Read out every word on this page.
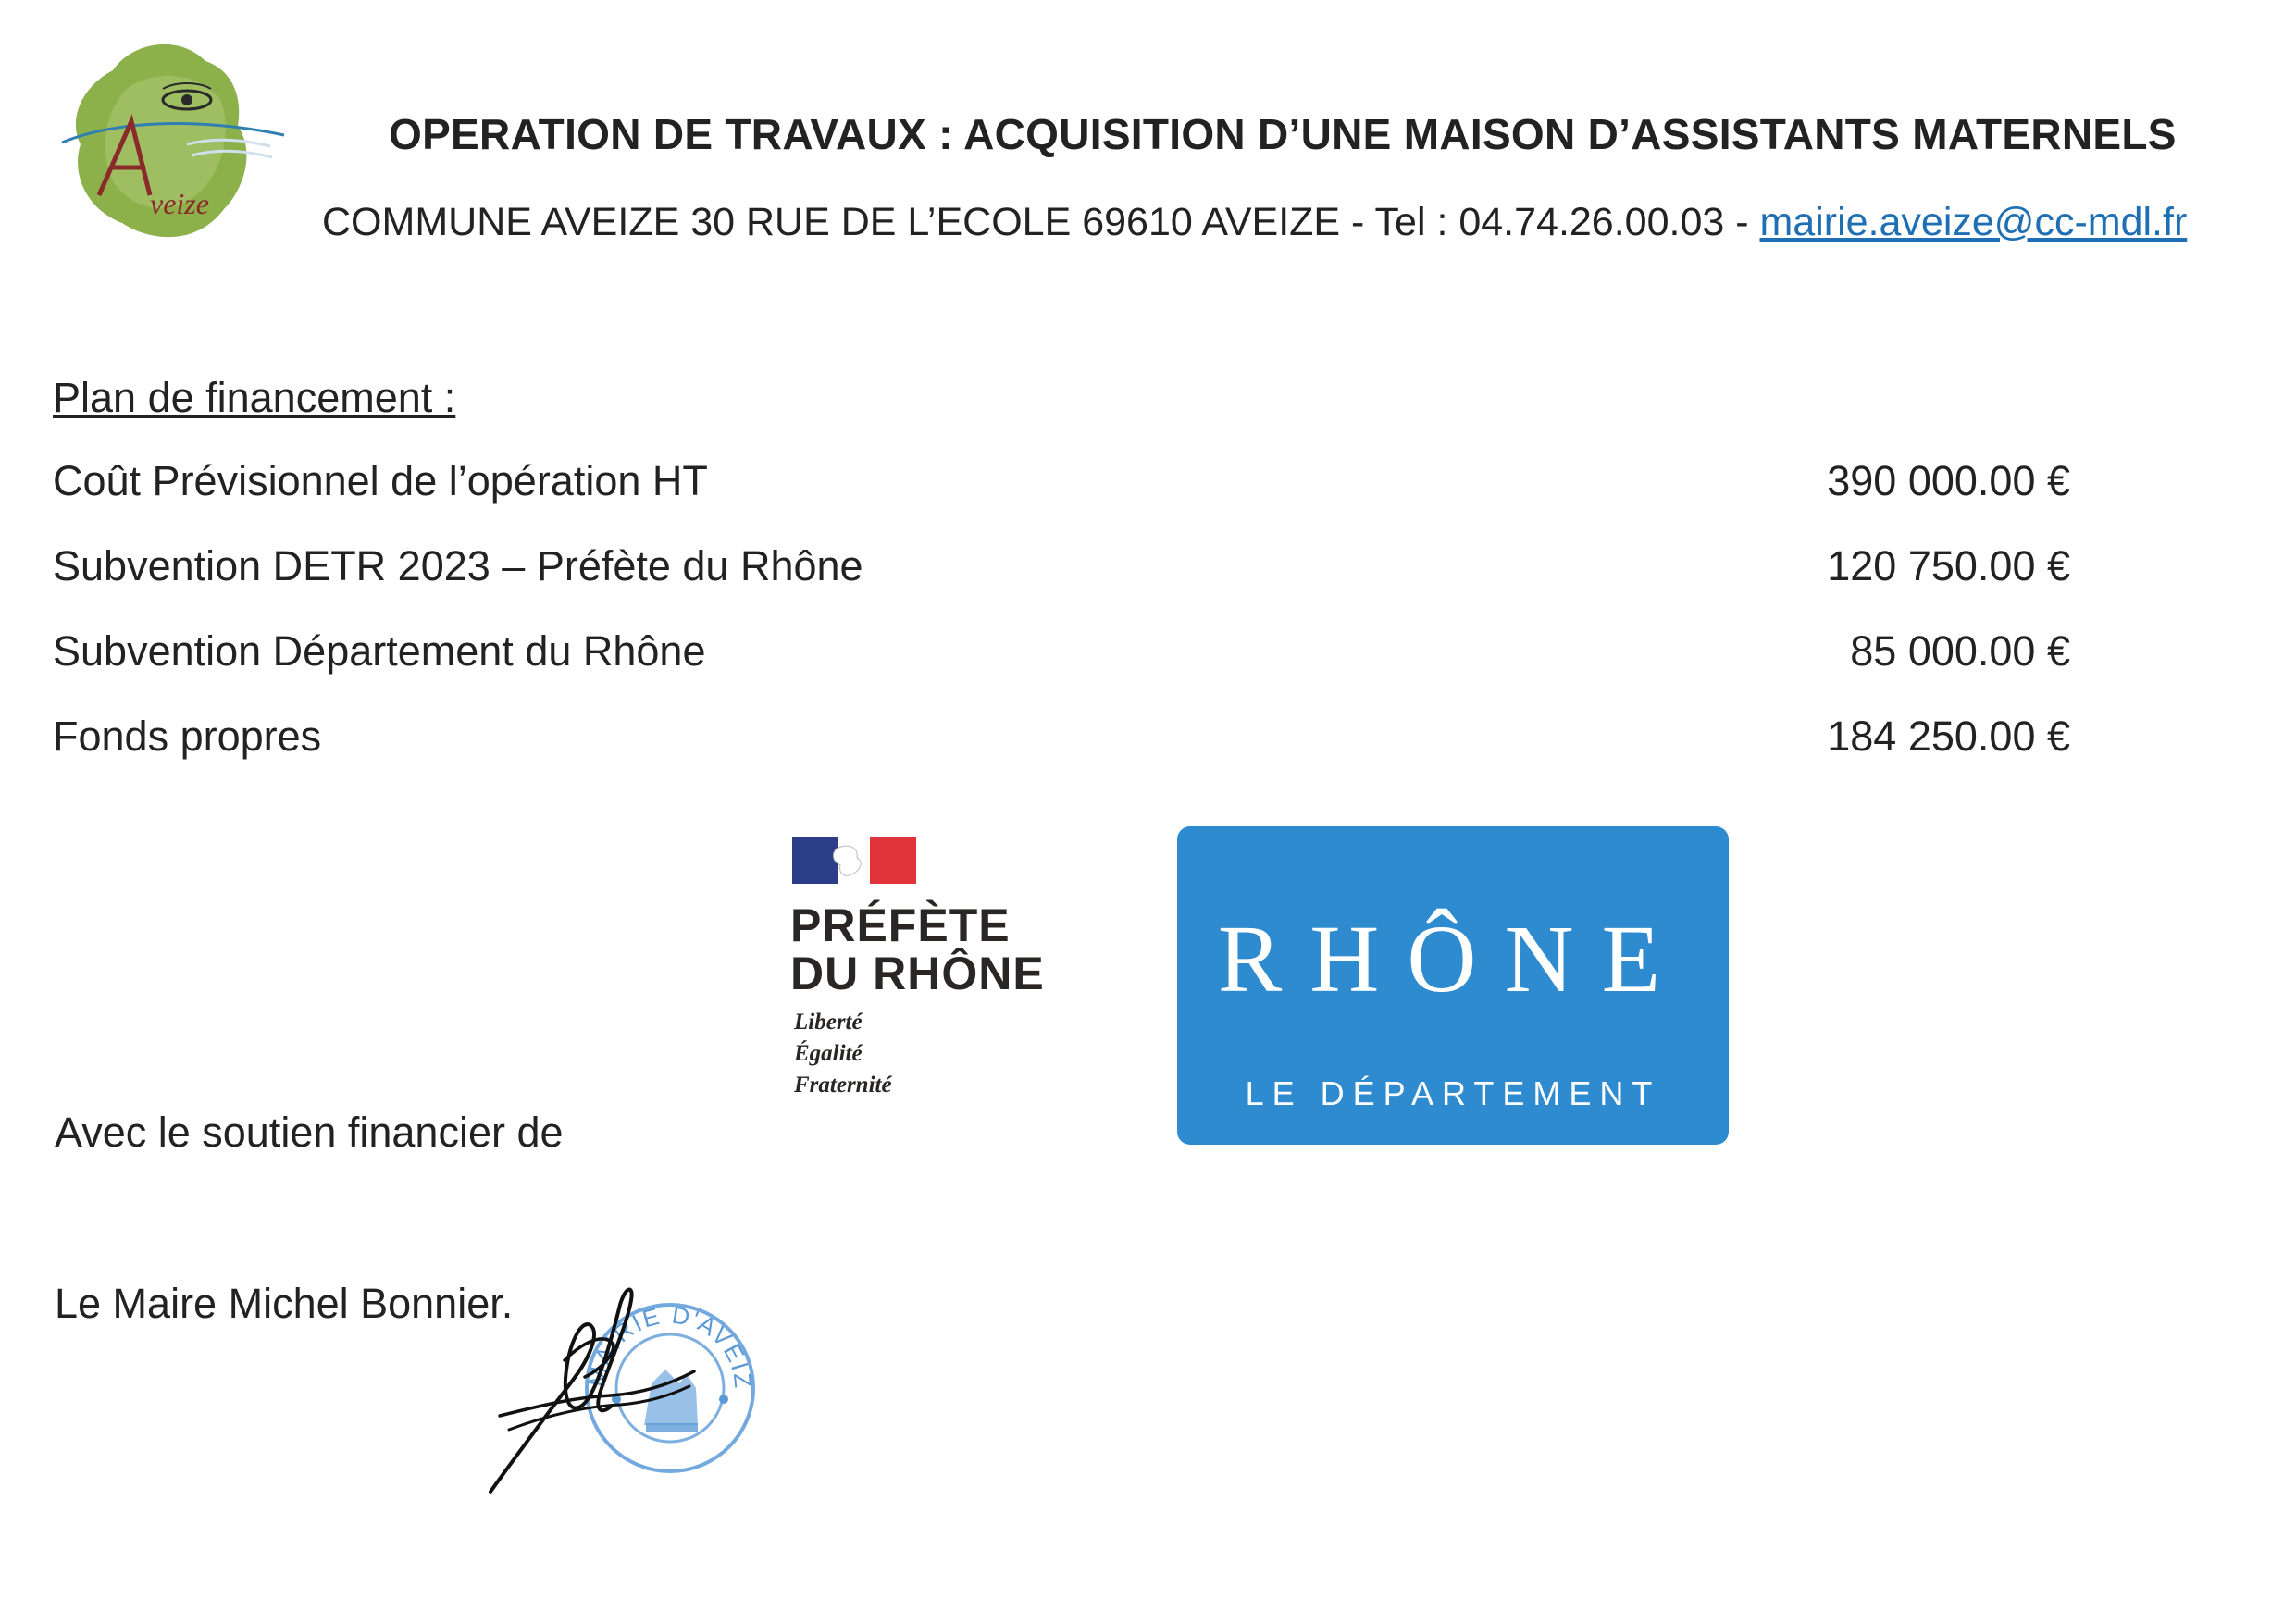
veize
OPERATION DE TRAVAUX : ACQUISITION D’UNE MAISON D’ASSISTANTS MATERNELS
COMMUNE AVEIZE 30 RUE DE L’ECOLE 69610 AVEIZE - Tel : 04.74.26.00.03 - mairie.aveize@cc-mdl.fr
Plan de financement :
Coût Prévisionnel de l’opération HT	390 000.00 €
Subvention DETR 2023 – Préfète du Rhône	120 750.00 €
Subvention Département du Rhône	85 000.00 €
Fonds propres	184 250.00 €
PRÉFÈTE
DU RHÔNE
Liberté
Égalité
Fraternité
RHÔNE
LE DÉPARTEMENT
Avec le soutien financier de
Le Maire Michel Bonnier.
MAIRIE D'AVEIZ
